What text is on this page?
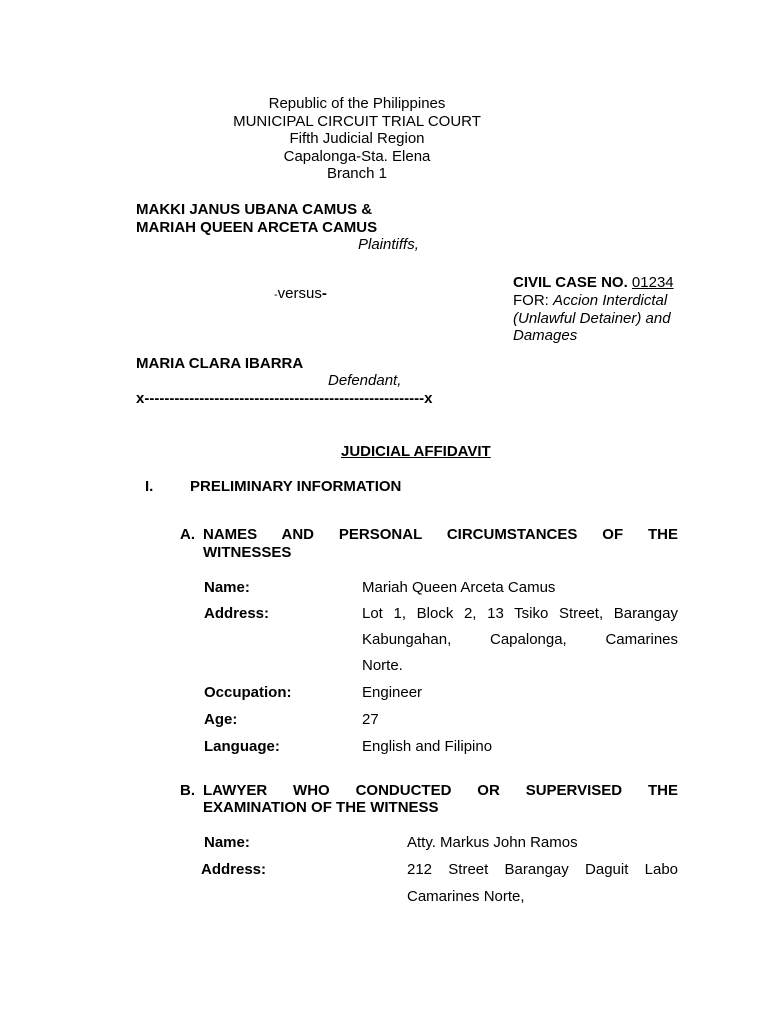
Republic of the Philippines
MUNICIPAL CIRCUIT TRIAL COURT
Fifth Judicial Region
Capalonga-Sta. Elena
Branch 1
MAKKI JANUS UBANA CAMUS &
MARIAH QUEEN ARCETA CAMUS
Plaintiffs,
-versus-
CIVIL CASE NO. 01234
FOR: Accion Interdictal
(Unlawful Detainer) and
Damages
MARIA CLARA IBARRA
Defendant,
x--------------------------------------------------------x
JUDICIAL AFFIDAVIT
I. PRELIMINARY INFORMATION
A. NAMES AND PERSONAL CIRCUMSTANCES OF THE
WITNESSES
Name:	Mariah Queen Arceta Camus
Address:	Lot 1, Block 2, 13 Tsiko Street, Barangay
Kabungahan, Capalonga, Camarines
Norte.
Occupation:	Engineer
Age:	27
Language:	English and Filipino
B. LAWYER WHO CONDUCTED OR SUPERVISED THE
EXAMINATION OF THE WITNESS
Name:	Atty. Markus John Ramos
Address:	212 Street Barangay Daguit Labo
Camarines Norte,
